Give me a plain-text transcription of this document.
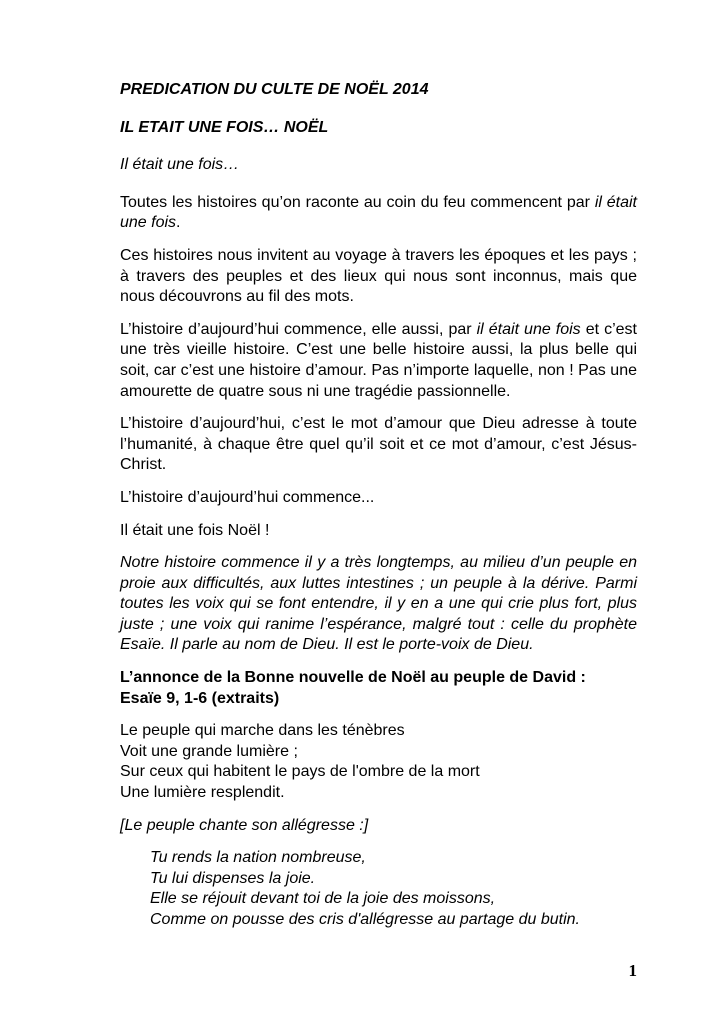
PREDICATION DU CULTE DE NOËL 2014

IL ETAIT UNE FOIS… NOËL

Il était une fois…

Toutes les histoires qu’on raconte au coin du feu commencent par il était une fois.

Ces histoires nous invitent au voyage à travers les époques et les pays ; à travers des peuples et des lieux qui nous sont inconnus, mais que nous découvrons au fil des mots.

L’histoire d’aujourd’hui commence, elle aussi, par il était une fois et c’est une très vieille histoire. C’est une belle histoire aussi, la plus belle qui soit, car c’est une histoire d’amour. Pas n’importe laquelle, non ! Pas une amourette de quatre sous ni une tragédie passionnelle.

L’histoire d’aujourd’hui, c’est le mot d’amour que Dieu adresse à toute l’humanité, à chaque être quel qu’il soit et ce mot d’amour, c’est Jésus-Christ.

L’histoire d’aujourd’hui commence...

Il était une fois Noël !

Notre histoire commence il y a très longtemps, au milieu d’un peuple en proie aux difficultés, aux luttes intestines ; un peuple à la dérive. Parmi toutes les voix qui se font entendre, il y en a une qui crie plus fort, plus juste ; une voix qui ranime l’espérance, malgré tout : celle du prophète Esaïe. Il parle au nom de Dieu. Il est le porte-voix de Dieu.

L’annonce de la Bonne nouvelle de Noël au peuple de David :
Esaïe 9, 1-6 (extraits)

Le peuple qui marche dans les ténèbres
Voit une grande lumière ;
Sur ceux qui habitent le pays de l'ombre de la mort
Une lumière resplendit.

[Le peuple chante son allégresse :]

Tu rends la nation nombreuse,
Tu lui dispenses la joie.
Elle se réjouit devant toi de la joie des moissons,
Comme on pousse des cris d'allégresse au partage du butin.

1
